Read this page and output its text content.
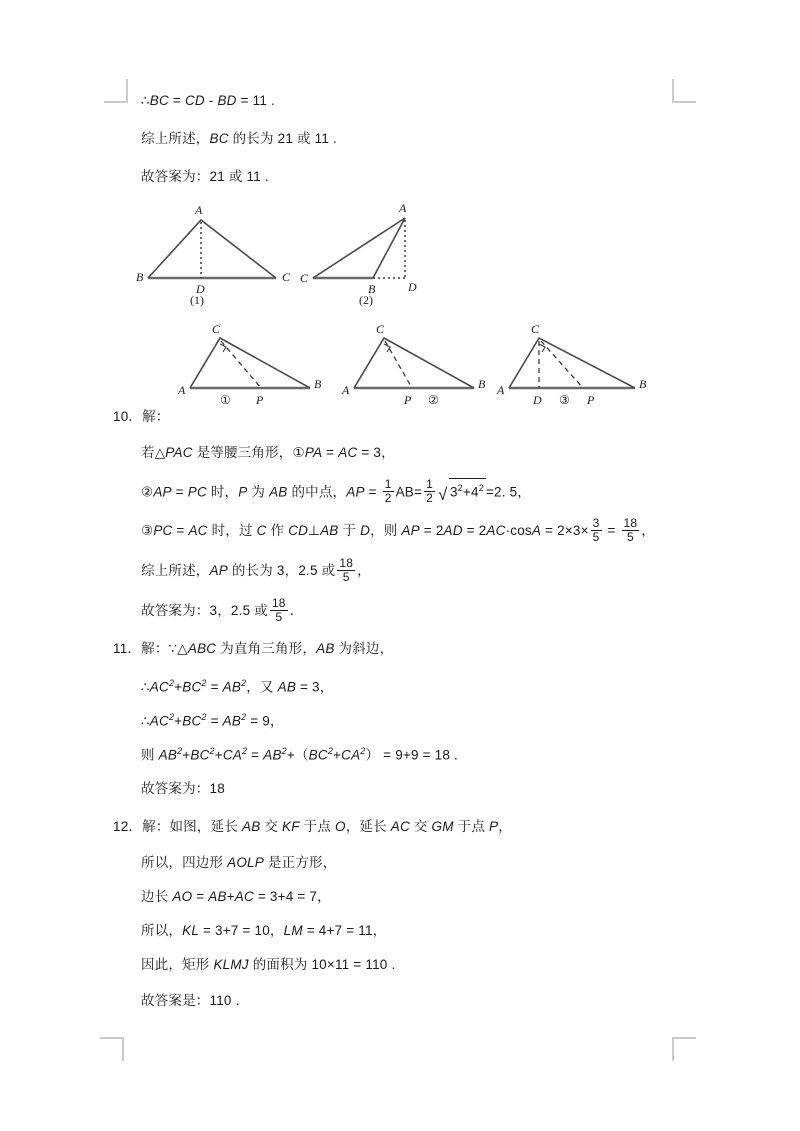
∴BC = CD - BD = 11 .
综上所述，BC 的长为 21 或 11 .
故答案为：21 或 11 .
A
B	C
D
(1)
A
C
B	D
(2)
C
A	B
P
①
C
A	B
P ②
C
A	B
D	P
③
10．解：
若△PAC 是等腰三角形，①PA = AC = 3，
②AP = PC 时，P 为 AB 的中点，AP = $\frac{1}{2} AB= \frac{1}{2}$ √ $3^2+4^2 =2$. 5，
③PC = AC 时，过 C 作 CD⊥AB 于 D，则 AP = $2AD = 2AC\cdot\cos A = 2\times 3\times \frac{3}{5} = \frac{18}{5}$ ，
综上所述，AP 的长为 3，2.5 或 $\frac{18}{5}$ ，
故答案为：3，2.5 或 $\frac{18}{5}$ ．
11．解：∵△ABC 为直角三角形，AB 为斜边，
$\therefore AC^2+BC^2 = AB^2$，又 AB = 3，
$\therefore AC^2+BC^2 = AB^2 = 9$，
则 $AB^2+BC^2+CA^2 = AB^2+(BC^2+CA^2) = 9+9 = 18$ .
故答案为：18
12．解：如图，延长 AB 交 KF 于点 O，延长 AC 交 GM 于点 P，
所以，四边形 AOLP 是正方形，
边长 AO = AB+AC = 3+4 = 7，
所以，KL = 3+7 = 10，LM = 4+7 = 11，
因此，矩形 KLMJ 的面积为 10×11 = 110 .
故答案是：110 .
